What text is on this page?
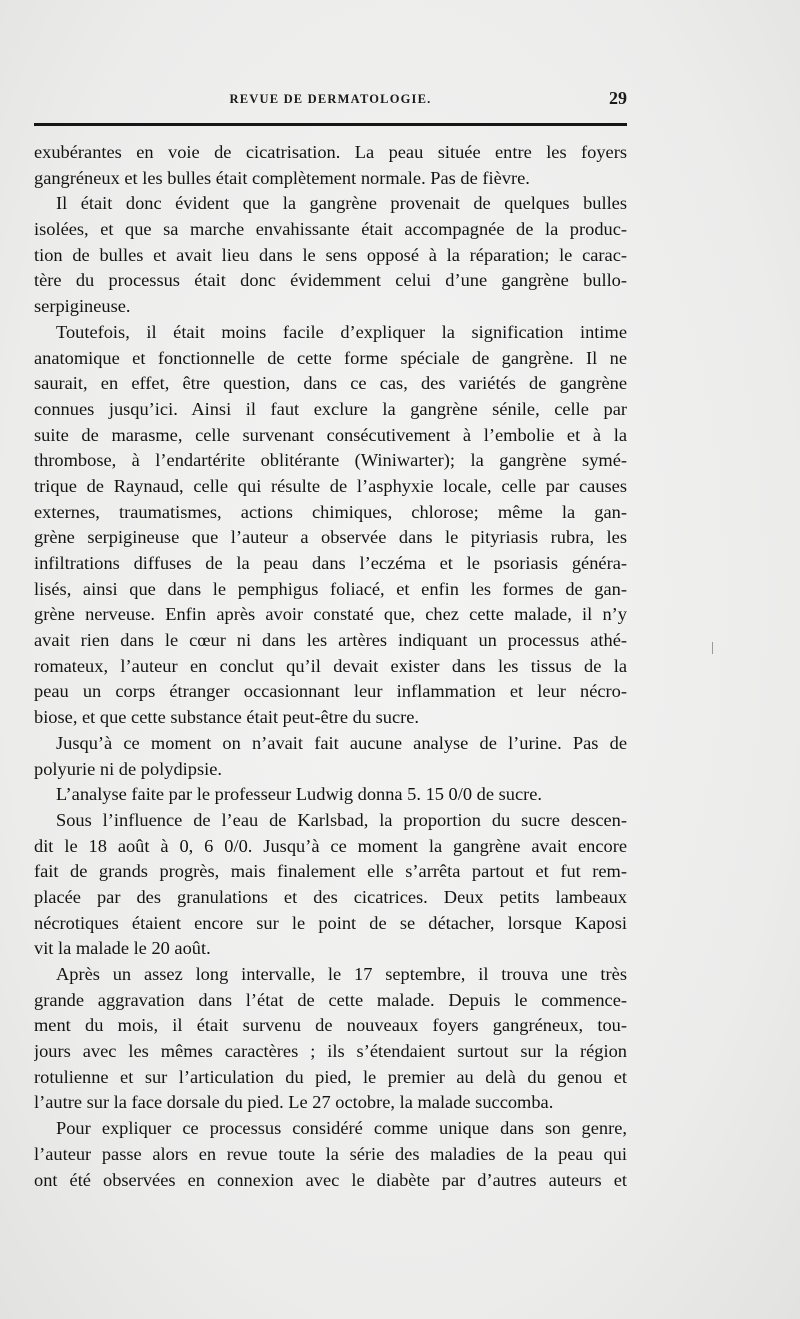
REVUE DE DERMATOLOGIE.	29
exubérantes en voie de cicatrisation. La peau située entre les foyers
gangréneux et les bulles était complètement normale. Pas de fièvre.
Il était donc évident que la gangrène provenait de quelques bulles
isolées, et que sa marche envahissante était accompagnée de la produc-
tion de bulles et avait lieu dans le sens opposé à la réparation; le carac-
tère du processus était donc évidemment celui d’une gangrène bullo-
serpigineuse.
Toutefois, il était moins facile d’expliquer la signification intime
anatomique et fonctionnelle de cette forme spéciale de gangrène. Il ne
saurait, en effet, être question, dans ce cas, des variétés de gangrène
connues jusqu’ici. Ainsi il faut exclure la gangrène sénile, celle par
suite de marasme, celle survenant consécutivement à l’embolie et à la
thrombose, à l’endartérite oblitérante (Winiwarter); la gangrène symé-
trique de Raynaud, celle qui résulte de l’asphyxie locale, celle par causes
externes, traumatismes, actions chimiques, chlorose; même la gan-
grène serpigineuse que l’auteur a observée dans le pityriasis rubra, les
infiltrations diffuses de la peau dans l’eczéma et le psoriasis généra-
lisés, ainsi que dans le pemphigus foliacé, et enfin les formes de gan-
grène nerveuse. Enfin après avoir constaté que, chez cette malade, il n’y
avait rien dans le cœur ni dans les artères indiquant un processus athé-
romateux, l’auteur en conclut qu’il devait exister dans les tissus de la
peau un corps étranger occasionnant leur inflammation et leur nécro-
biose, et que cette substance était peut-être du sucre.
Jusqu’à ce moment on n’avait fait aucune analyse de l’urine. Pas de
polyurie ni de polydipsie.
L’analyse faite par le professeur Ludwig donna 5. 15 0/0 de sucre.
Sous l’influence de l’eau de Karlsbad, la proportion du sucre descen-
dit le 18 août à 0, 6 0/0. Jusqu’à ce moment la gangrène avait encore
fait de grands progrès, mais finalement elle s’arrêta partout et fut rem-
placée par des granulations et des cicatrices. Deux petits lambeaux
nécrotiques étaient encore sur le point de se détacher, lorsque Kaposi
vit la malade le 20 août.
Après un assez long intervalle, le 17 septembre, il trouva une très
grande aggravation dans l’état de cette malade. Depuis le commence-
ment du mois, il était survenu de nouveaux foyers gangréneux, tou-
jours avec les mêmes caractères ; ils s’étendaient surtout sur la région
rotulienne et sur l’articulation du pied, le premier au delà du genou et
l’autre sur la face dorsale du pied. Le 27 octobre, la malade succomba.
Pour expliquer ce processus considéré comme unique dans son genre,
l’auteur passe alors en revue toute la série des maladies de la peau qui
ont été observées en connexion avec le diabète par d’autres auteurs et
